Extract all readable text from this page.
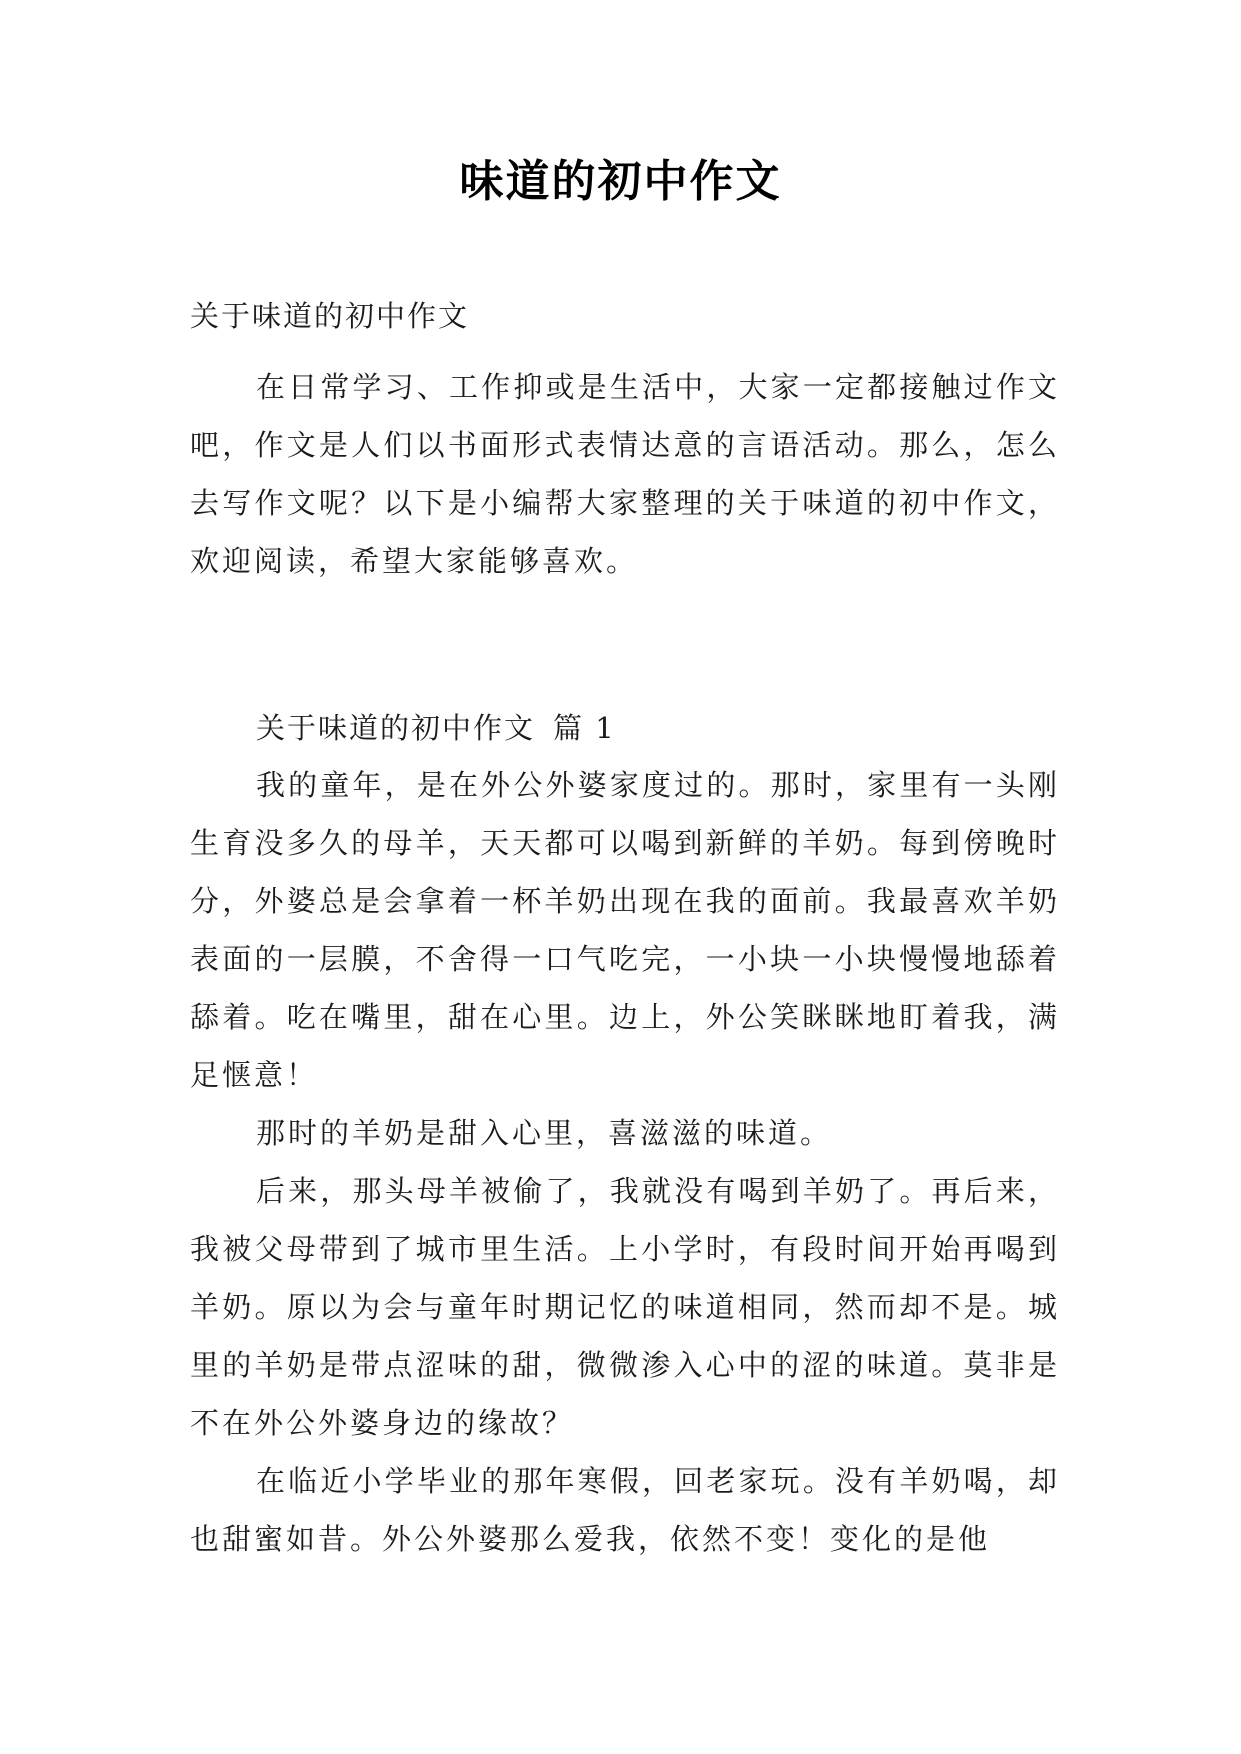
味道的初中作文
关于味道的初中作文
在日常学习、工作抑或是生活中，大家一定都接触过作文吧，作文是人们以书面形式表情达意的言语活动。那么，怎么去写作文呢？以下是小编帮大家整理的关于味道的初中作文，欢迎阅读，希望大家能够喜欢。
关于味道的初中作文 篇 1
我的童年，是在外公外婆家度过的。那时，家里有一头刚生育没多久的母羊，天天都可以喝到新鲜的羊奶。每到傍晚时分，外婆总是会拿着一杯羊奶出现在我的面前。我最喜欢羊奶表面的一层膜，不舍得一口气吃完，一小块一小块慢慢地舔着舔着。吃在嘴里，甜在心里。边上，外公笑眯眯地盯着我，满足惬意！
那时的羊奶是甜入心里，喜滋滋的味道。
后来，那头母羊被偷了，我就没有喝到羊奶了。再后来，我被父母带到了城市里生活。上小学时，有段时间开始再喝到羊奶。原以为会与童年时期记忆的味道相同，然而却不是。城里的羊奶是带点涩味的甜，微微渗入心中的涩的味道。莫非是不在外公外婆身边的缘故？
在临近小学毕业的那年寒假，回老家玩。没有羊奶喝，却也甜蜜如昔。外公外婆那么爱我，依然不变！变化的是他
